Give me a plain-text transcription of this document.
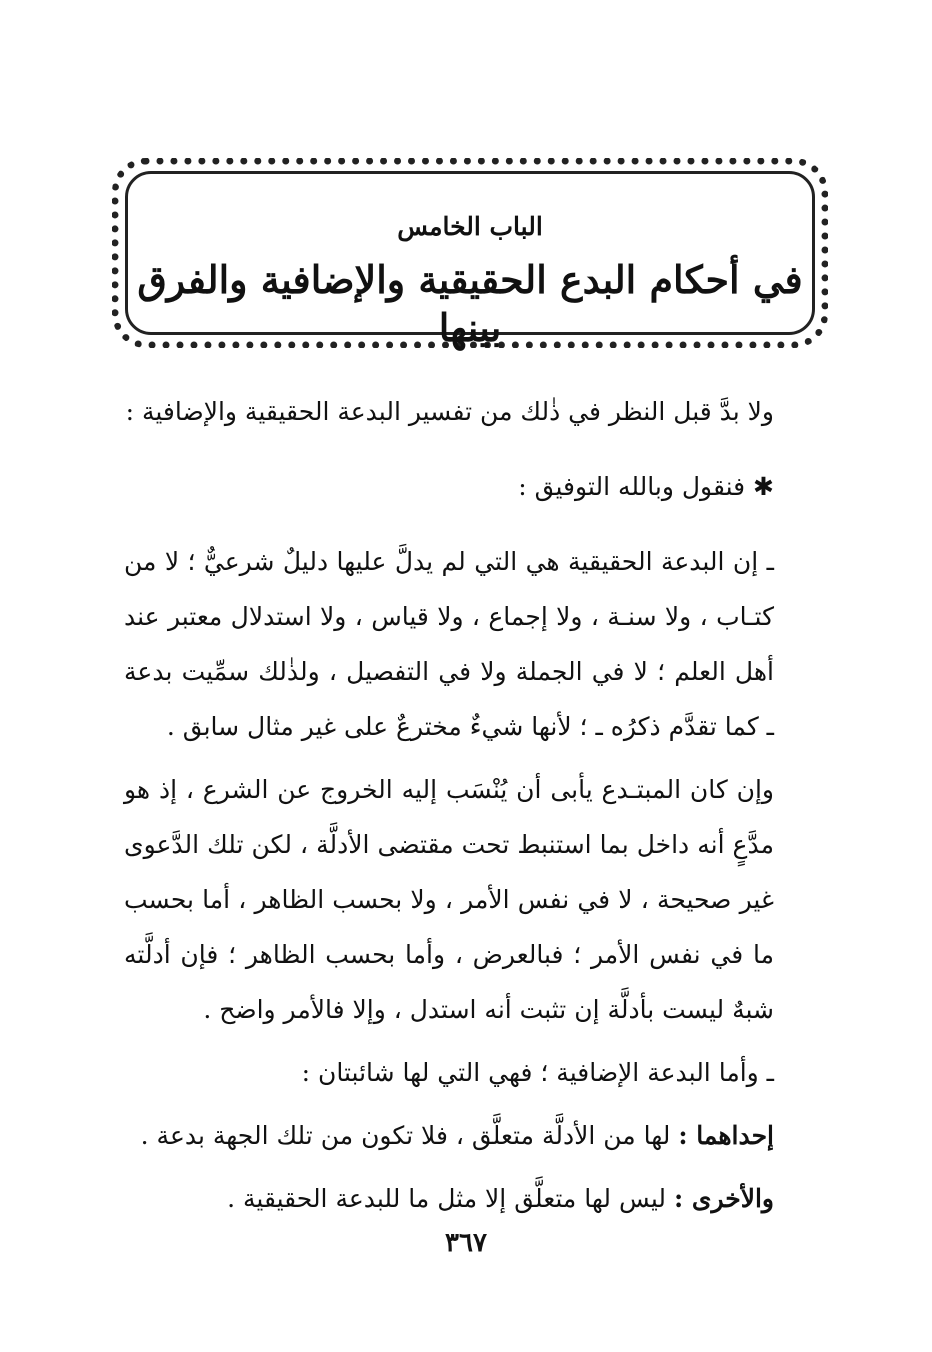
الباب الخامس
في أحكام البدع الحقيقية والإضافية والفرق بينها

ولا بدَّ قبل النظر في ذٰلك من تفسير البدعة الحقيقية والإضافية :

✱ فنقول وبالله التوفيق :

ـ إن البدعة الحقيقية هي التي لم يدلَّ عليها دليلٌ شرعيٌّ ؛ لا من كتـاب ، ولا سنـة ، ولا إجماع ، ولا قياس ، ولا استدلال معتبر عند أهل العلم ؛ لا في الجملة ولا في التفصيل ، ولذٰلك سمِّيت بدعة ـ كما تقدَّم ذكرُه ـ ؛ لأنها شيءٌ مخترعٌ على غير مثال سابق .

وإن كان المبتـدع يأبى أن يُنْسَب إليه الخروج عن الشرع ، إذ هو مدَّعٍ أنه داخل بما استنبط تحت مقتضى الأدلَّة ، لكن تلك الدَّعوى غير صحيحة ، لا في نفس الأمر ، ولا بحسب الظاهر ، أما بحسب ما في نفس الأمر ؛ فبالعرض ، وأما بحسب الظاهر ؛ فإن أدلَّته شبهٌ ليست بأدلَّة إن تثبت أنه استدل ، وإلا فالأمر واضح .

ـ وأما البدعة الإضافية ؛ فهي التي لها شائبتان :

إحداهما : لها من الأدلَّة متعلَّق ، فلا تكون من تلك الجهة بدعة .

والأخرى : ليس لها متعلَّق إلا مثل ما للبدعة الحقيقية .

٣٦٧
